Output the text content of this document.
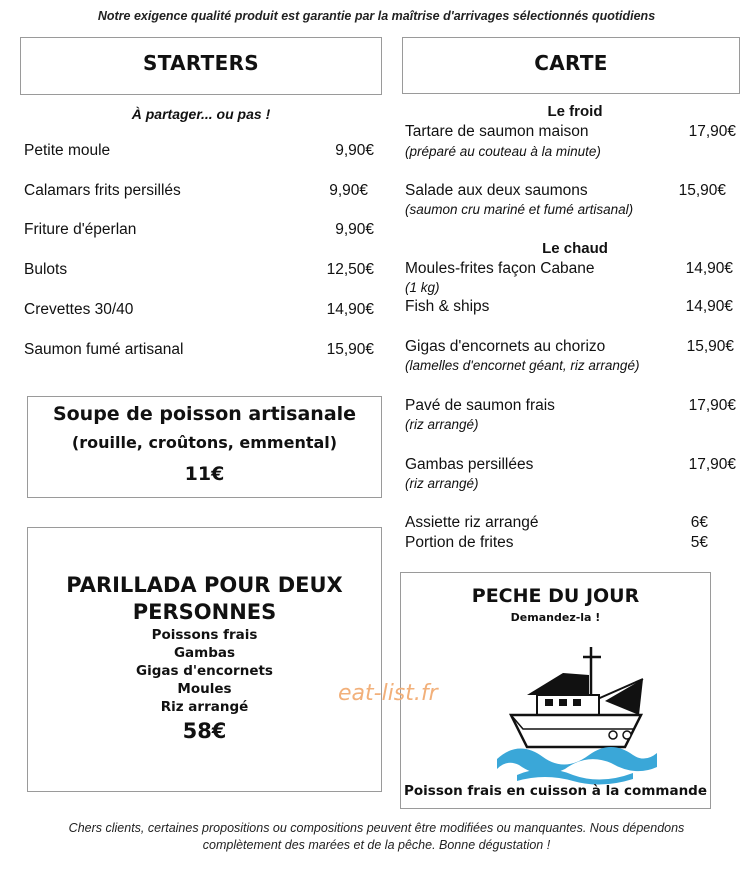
Notre exigence qualité produit est garantie par la maîtrise d'arrivages sélectionnés quotidiens
STARTERS
À partager... ou pas !
Petite moule	9,90€
Calamars frits persillés	9,90€
Friture d'éperlan	9,90€
Bulots	12,50€
Crevettes 30/40	14,90€
Saumon fumé artisanal	15,90€
Soupe de poisson artisanale
(rouille, croûtons, emmental)
11€
PARILLADA POUR DEUX
PERSONNES
Poissons frais
Gambas
Gigas d'encornets
Moules
Riz arrangé
58€
CARTE
Le froid
Tartare de saumon maison	17,90€
(préparé au couteau à la minute)
Salade aux deux saumons	15,90€
(saumon cru mariné et fumé artisanal)
Le chaud
Moules-frites façon Cabane	14,90€
(1 kg)
Fish & ships	14,90€
Gigas d'encornets au chorizo	15,90€
(lamelles d'encornet géant, riz arrangé)
Pavé de saumon frais	17,90€
(riz arrangé)
Gambas persillées	17,90€
(riz arrangé)
Assiette riz arrangé	6€
Portion de frites	5€
PECHE DU JOUR
Demandez-la !
Poisson frais en cuisson à la commande
eat-list.fr
Chers clients, certaines propositions ou compositions peuvent être modifiées ou manquantes. Nous dépendons
complètement des marées et de la pêche. Bonne dégustation !
